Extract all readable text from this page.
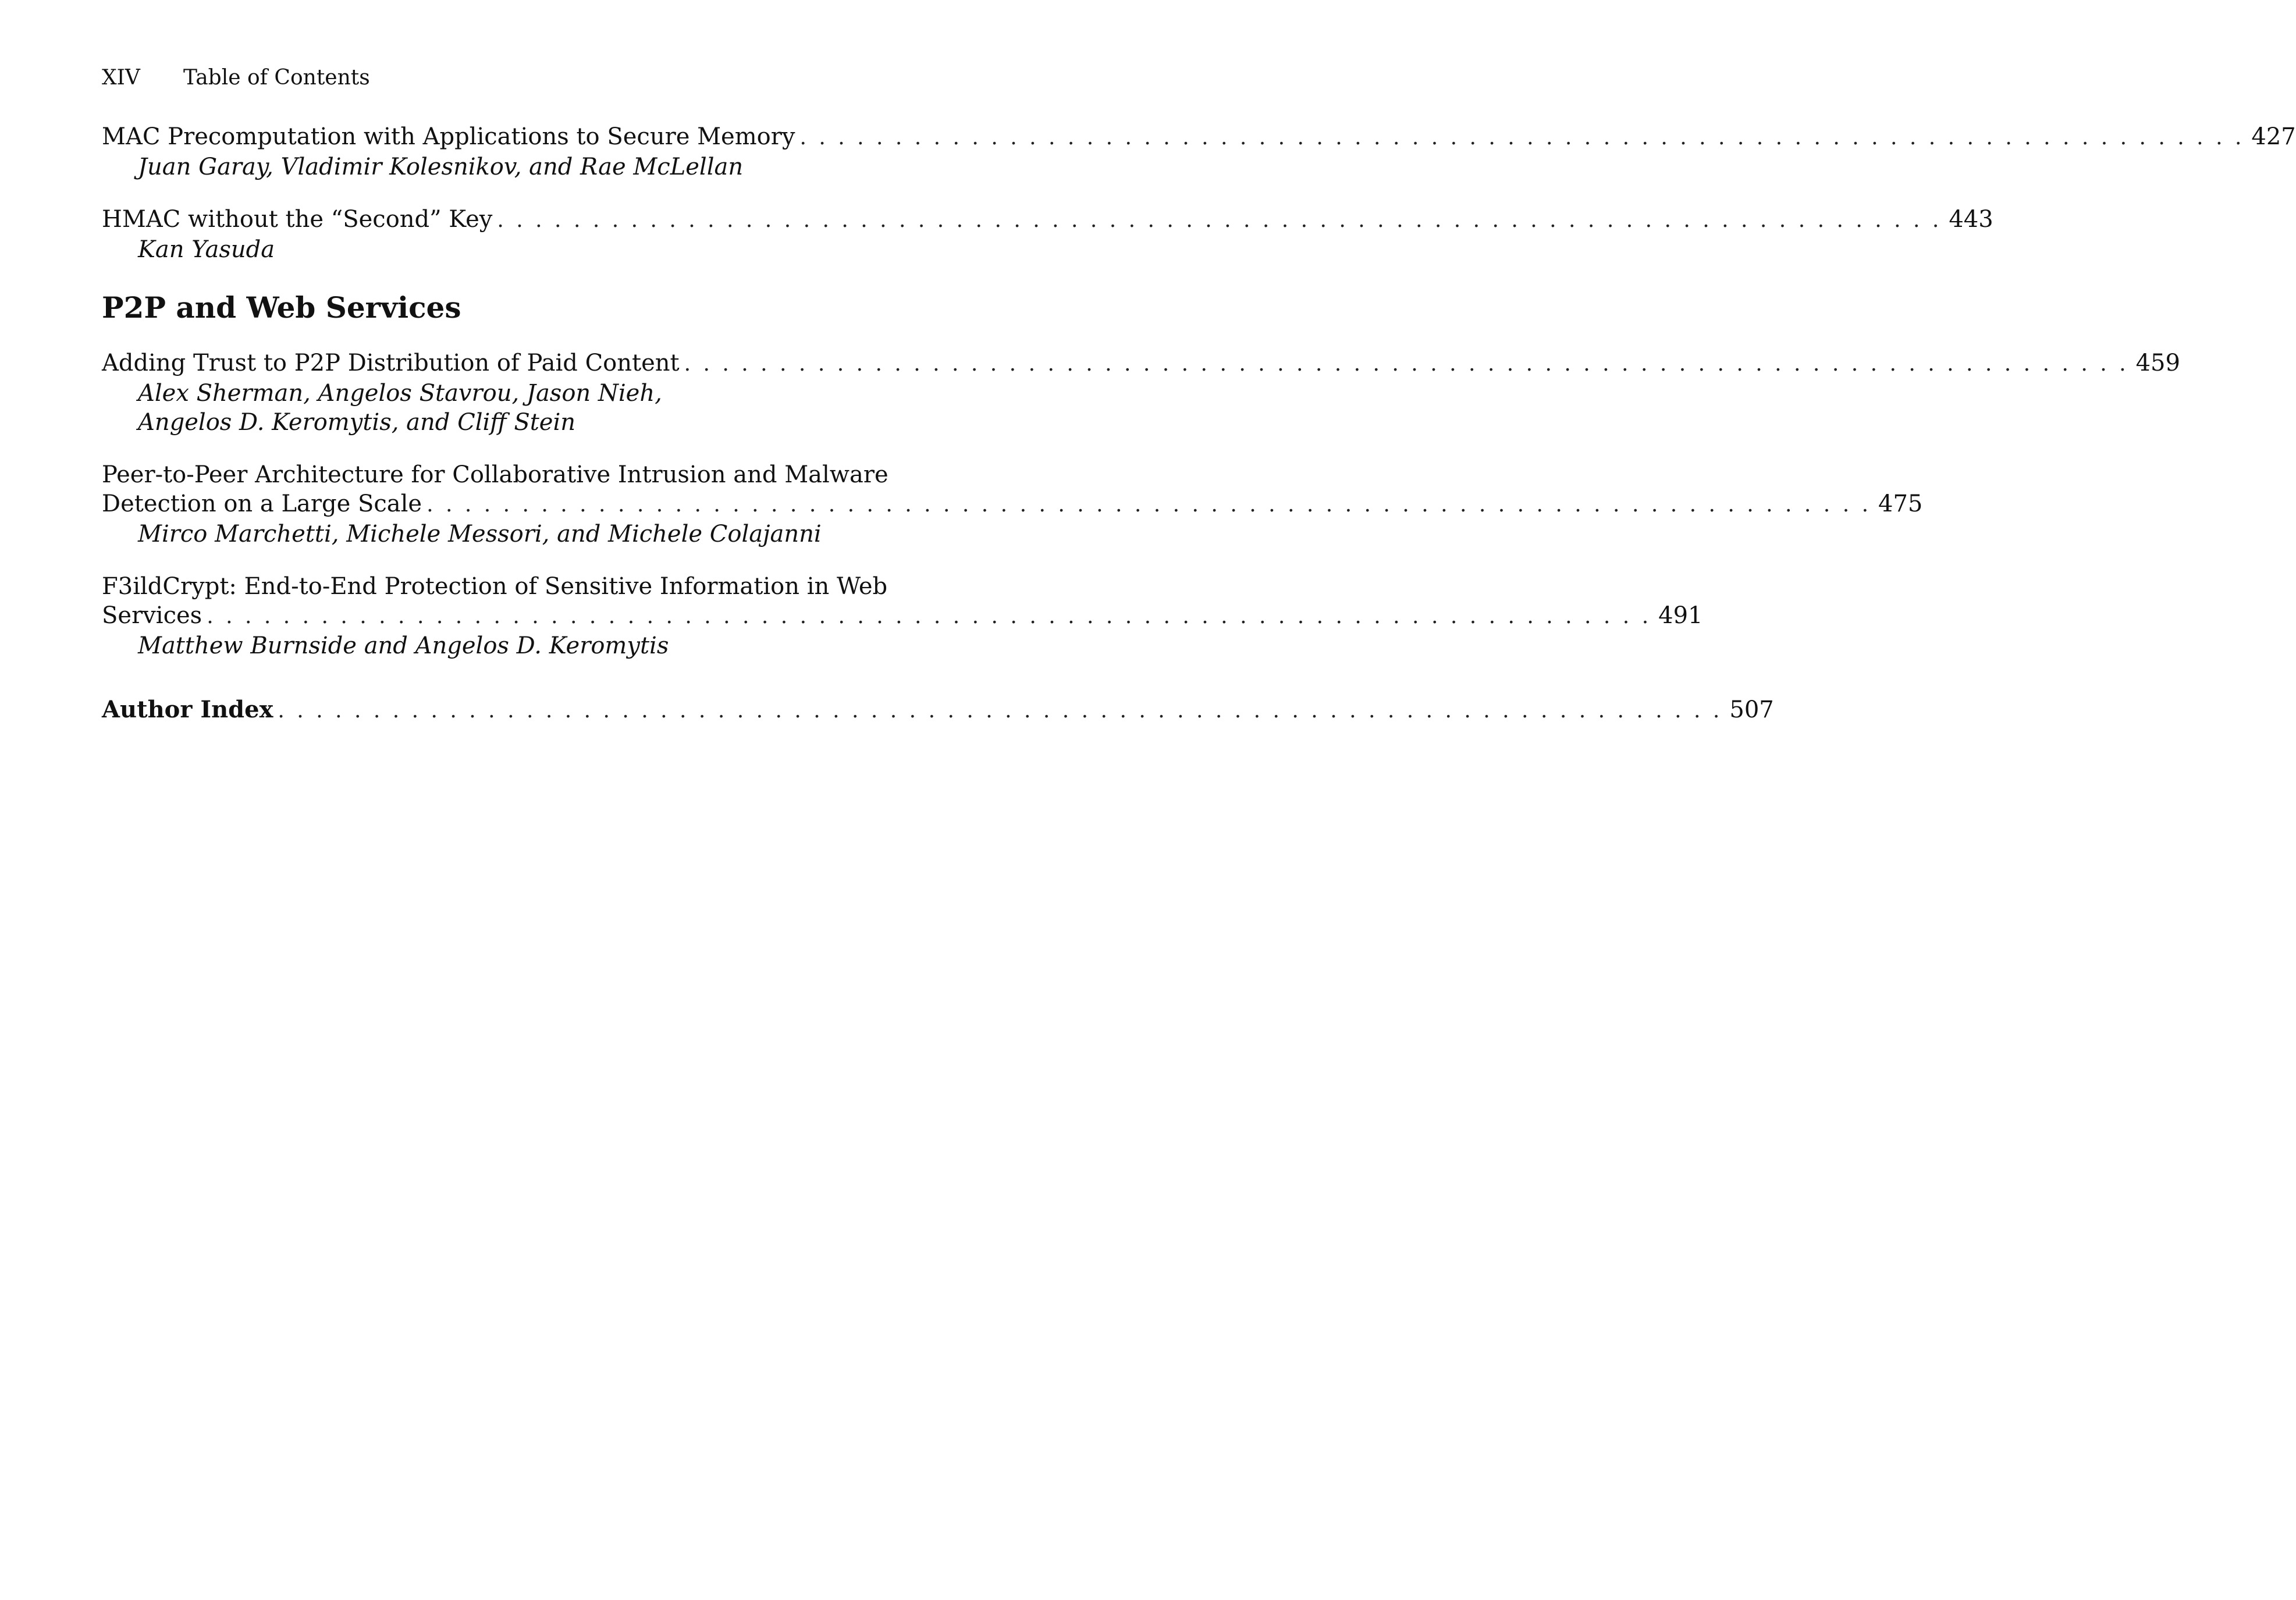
XIV Table of Contents
MAC Precomputation with Applications to Secure Memory . . . . . . . . . . . . . . . . . . . . . . . . . . . . . . . . . . . . . . . . . . . . . . . . . . . . . . . . . . . . . . . . . . . . . . . . . . . . 427
Juan Garay, Vladimir Kolesnikov, and Rae McLellan
HMAC without the “Second” Key . . . . . . . . . . . . . . . . . . . . . . . . . . . . . . . . . . . . . . . . . . . . . . . . . . . . . . . . . . . . . . . . . . . . . . . . . . . . 443
Kan Yasuda
P2P and Web Services
Adding Trust to P2P Distribution of Paid Content . . . . . . . . . . . . . . . . . . . . . . . . . . . . . . . . . . . . . . . . . . . . . . . . . . . . . . . . . . . . . . . . . . . . . . . . . . . . 459
Alex Sherman, Angelos Stavrou, Jason Nieh,
Angelos D. Keromytis, and Cliff Stein
Peer-to-Peer Architecture for Collaborative Intrusion and Malware
Detection on a Large Scale . . . . . . . . . . . . . . . . . . . . . . . . . . . . . . . . . . . . . . . . . . . . . . . . . . . . . . . . . . . . . . . . . . . . . . . . . . . . 475
Mirco Marchetti, Michele Messori, and Michele Colajanni
F3ildCrypt: End-to-End Protection of Sensitive Information in Web
Services . . . . . . . . . . . . . . . . . . . . . . . . . . . . . . . . . . . . . . . . . . . . . . . . . . . . . . . . . . . . . . . . . . . . . . . . . . . . 491
Matthew Burnside and Angelos D. Keromytis
Author Index . . . . . . . . . . . . . . . . . . . . . . . . . . . . . . . . . . . . . . . . . . . . . . . . . . . . . . . . . . . . . . . . . . . . . . . . . . . . 507
